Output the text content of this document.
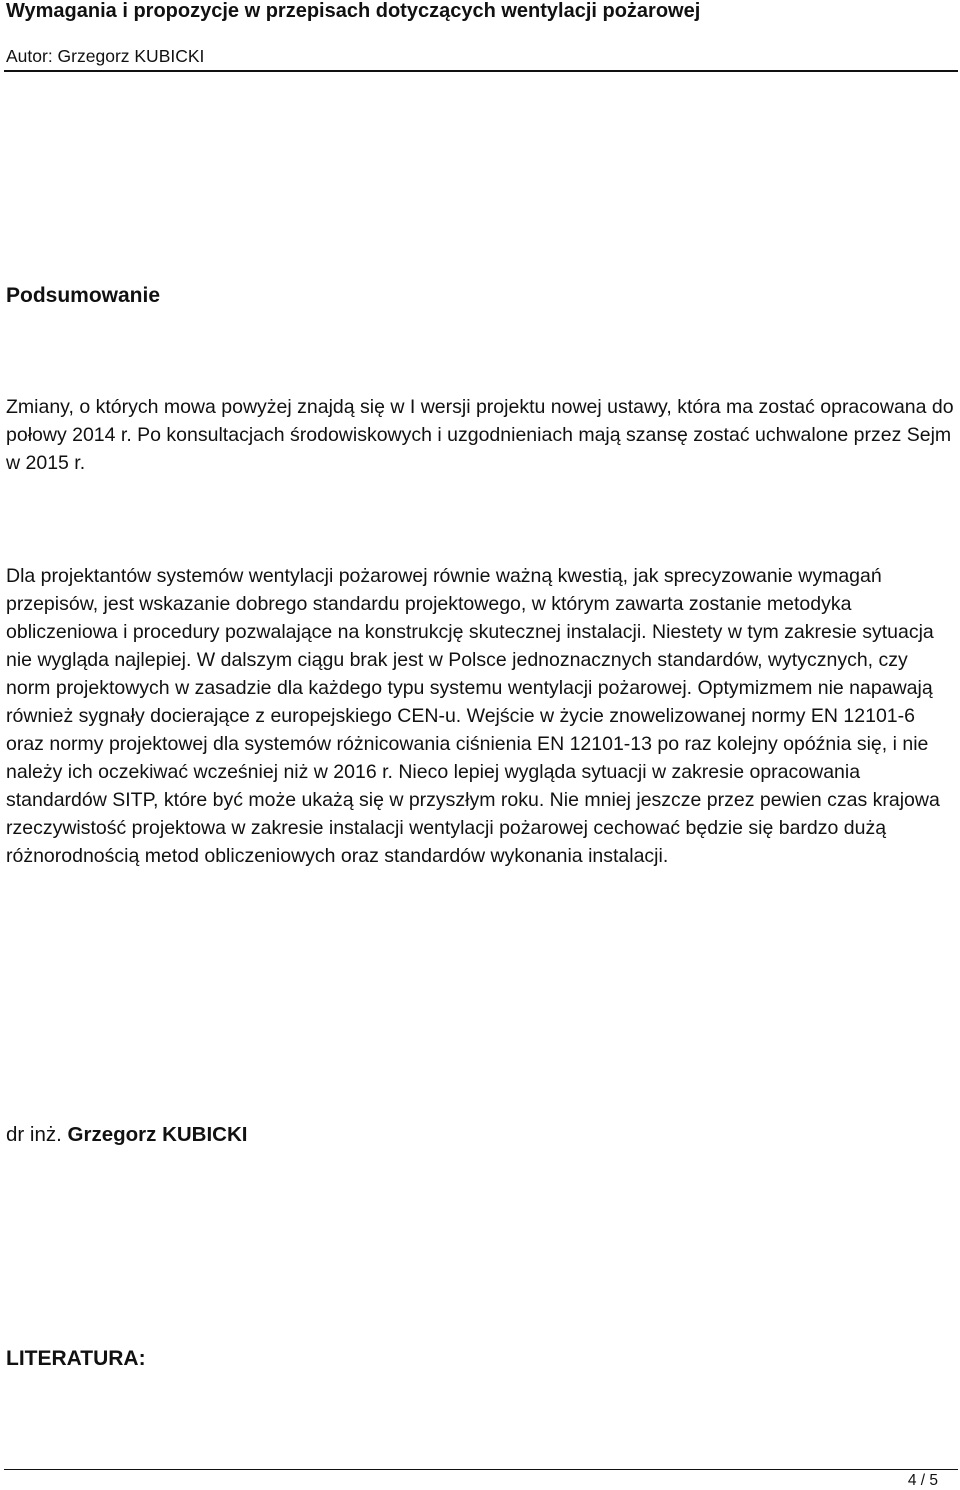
Wymagania i propozycje w przepisach dotyczących wentylacji pożarowej
Autor: Grzegorz KUBICKI
Podsumowanie

Zmiany, o których mowa powyżej znajdą się w I wersji projektu nowej ustawy, która ma zostać opracowana do połowy 2014 r. Po konsultacjach środowiskowych i uzgodnieniach mają szansę zostać uchwalone przez Sejm w 2015 r.

Dla projektantów systemów wentylacji pożarowej równie ważną kwestią, jak sprecyzowanie wymagań przepisów, jest wskazanie dobrego standardu projektowego, w którym zawarta zostanie metodyka obliczeniowa i procedury pozwalające na konstrukcję skutecznej instalacji. Niestety w tym zakresie sytuacja nie wygląda najlepiej. W dalszym ciągu brak jest w Polsce jednoznacznych standardów, wytycznych, czy norm projektowych w zasadzie dla każdego typu systemu wentylacji pożarowej. Optymizmem nie napawają również sygnały docierające z europejskiego CEN-u. Wejście w życie znowelizowanej normy EN 12101-6 oraz normy projektowej dla systemów różnicowania ciśnienia EN 12101-13 po raz kolejny opóźnia się, i nie należy ich oczekiwać wcześniej niż w 2016 r. Nieco lepiej wygląda sytuacji w zakresie opracowania standardów SITP, które być może ukażą się w przyszłym roku. Nie mniej jeszcze przez pewien czas krajowa rzeczywistość projektowa w zakresie instalacji wentylacji pożarowej cechować będzie się bardzo dużą różnorodnością metod obliczeniowych oraz standardów wykonania instalacji.

dr inż. Grzegorz KUBICKI
LITERATURA:
4 / 5
